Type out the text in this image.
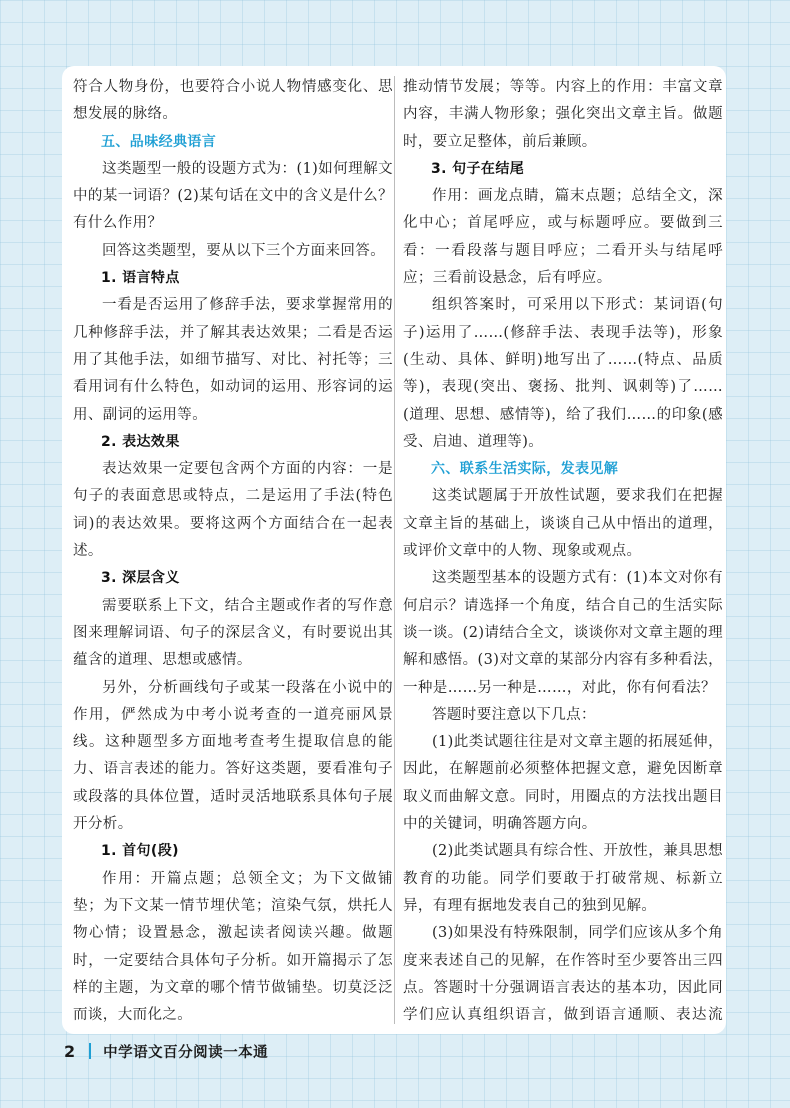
符合人物身份，也要符合小说人物情感变化、思想发展的脉络。

五、品味经典语言

这类题型一般的设题方式为：(1)如何理解文中的某一词语？(2)某句话在文中的含义是什么？有什么作用？

回答这类题型，要从以下三个方面来回答。

1. 语言特点

一看是否运用了修辞手法，要求掌握常用的几种修辞手法，并了解其表达效果；二看是否运用了其他手法，如细节描写、对比、衬托等；三看用词有什么特色，如动词的运用、形容词的运用、副词的运用等。

2. 表达效果

表达效果一定要包含两个方面的内容：一是句子的表面意思或特点，二是运用了手法(特色词)的表达效果。要将这两个方面结合在一起表述。

3. 深层含义

需要联系上下文，结合主题或作者的写作意图来理解词语、句子的深层含义，有时要说出其蕴含的道理、思想或感情。

另外，分析画线句子或某一段落在小说中的作用，俨然成为中考小说考查的一道亮丽风景线。这种题型多方面地考查考生提取信息的能力、语言表述的能力。答好这类题，要看准句子或段落的具体位置，适时灵活地联系具体句子展开分析。

1. 首句(段)

作用：开篇点题；总领全文；为下文做铺垫；为下文某一情节埋伏笔；渲染气氛，烘托人物心情；设置悬念，激起读者阅读兴趣。做题时，一定要结合具体句子分析。如开篇揭示了怎样的主题，为文章的哪个情节做铺垫。切莫泛泛而谈，大而化之。

推动情节发展；等等。内容上的作用：丰富文章内容，丰满人物形象；强化突出文章主旨。做题时，要立足整体，前后兼顾。

3. 句子在结尾

作用：画龙点睛，篇末点题；总结全文，深化中心；首尾呼应，或与标题呼应。要做到三看：一看段落与题目呼应；二看开头与结尾呼应；三看前设悬念，后有呼应。

组织答案时，可采用以下形式：某词语(句子)运用了……(修辞手法、表现手法等)，形象(生动、具体、鲜明)地写出了……(特点、品质等)，表现(突出、褒扬、批判、讽刺等)了……(道理、思想、感情等)，给了我们……的印象(感受、启迪、道理等)。

六、联系生活实际，发表见解

这类试题属于开放性试题，要求我们在把握文章主旨的基础上，谈谈自己从中悟出的道理，或评价文章中的人物、现象或观点。

这类题型基本的设题方式有：(1)本文对你有何启示？请选择一个角度，结合自己的生活实际谈一谈。(2)请结合全文，谈谈你对文章主题的理解和感悟。(3)对文章的某部分内容有多种看法，一种是……另一种是……，对此，你有何看法？

答题时要注意以下几点：

(1)此类试题往往是对文章主题的拓展延伸，因此，在解题前必须整体把握文意，避免因断章取义而曲解文意。同时，用圈点的方法找出题目中的关键词，明确答题方向。

(2)此类试题具有综合性、开放性，兼具思想教育的功能。同学们要敢于打破常规、标新立异，有理有据地发表自己的独到见解。

(3)如果没有特殊限制，同学们应该从多个角度来表述自己的见解，在作答时至少要答出三四点。答题时十分强调语言表达的基本功，因此同学们应认真组织语言，做到语言通顺、表达流

2 中学语文百分阅读一本通
